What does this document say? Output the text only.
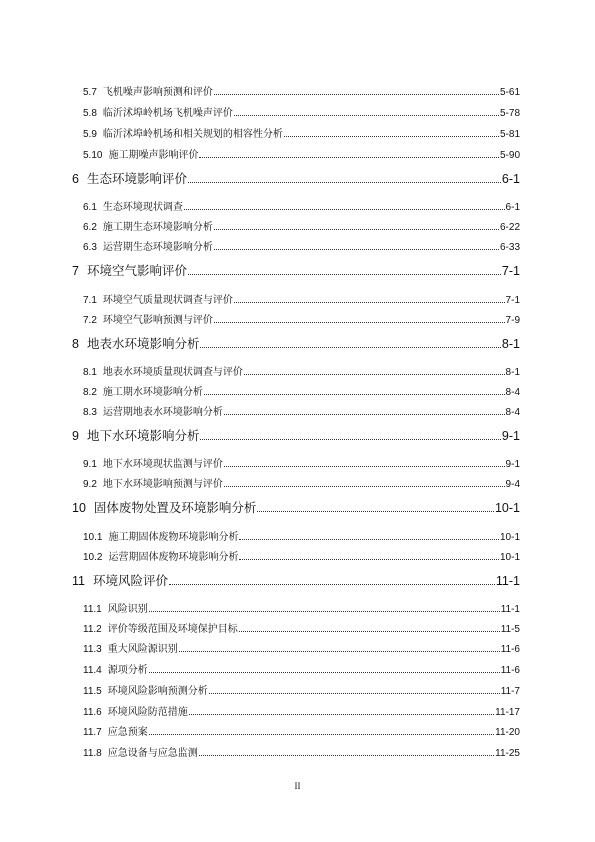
5.7 飞机噪声影响预测和评价	5-61
5.8 临沂沭埠岭机场飞机噪声评价	5-78
5.9 临沂沭埠岭机场和相关规划的相容性分析	5-81
5.10 施工期噪声影响评价	5-90
6 生态环境影响评价	6-1
6.1 生态环境现状调查	6-1
6.2 施工期生态环境影响分析	6-22
6.3 运营期生态环境影响分析	6-33
7 环境空气影响评价	7-1
7.1 环境空气质量现状调查与评价	7-1
7.2 环境空气影响预测与评价	7-9
8 地表水环境影响分析	8-1
8.1 地表水环境质量现状调查与评价	8-1
8.2 施工期水环境影响分析	8-4
8.3 运营期地表水环境影响分析	8-4
9 地下水环境影响分析	9-1
9.1 地下水环境现状监测与评价	9-1
9.2 地下水环境影响预测与评价	9-4
10 固体废物处置及环境影响分析	10-1
10.1 施工期固体废物环境影响分析	10-1
10.2 运营期固体废物环境影响分析	10-1
11 环境风险评价	11-1
11.1 风险识别	11-1
11.2 评价等级范围及环境保护目标	11-5
11.3 重大风险源识别	11-6
11.4 源项分析	11-6
11.5 环境风险影响预测分析	11-7
11.6 环境风险防范措施	11-17
11.7 应急预案	11-20
11.8 应急设备与应急监测	11-25
II
